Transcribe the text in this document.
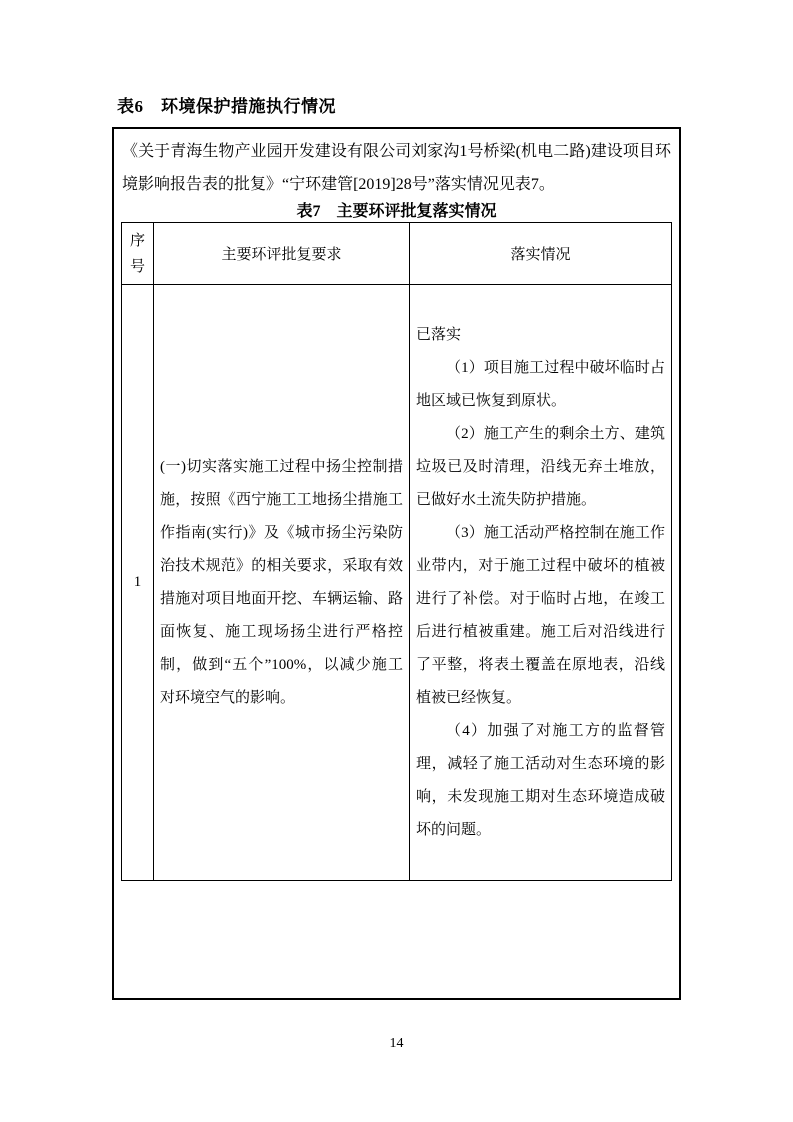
表6　环境保护措施执行情况

《关于青海生物产业园开发建设有限公司刘家沟1号桥梁(机电二路)建设项目环境影响报告表的批复》“宁环建管[2019]28号”落实情况见表7。

表7　主要环评批复落实情况
序号	主要环评批复要求	落实情况
1	(一)切实落实施工过程中扬尘控制措施，按照《西宁施工工地扬尘措施工作指南(实行)》及《城市扬尘污染防治技术规范》的相关要求，采取有效措施对项目地面开挖、车辆运输、路面恢复、施工现场扬尘进行严格控制，做到“五个”100%，以减少施工对环境空气的影响。	已落实

（1）项目施工过程中破坏临时占地区域已恢复到原状。

（2）施工产生的剩余土方、建筑垃圾已及时清理，沿线无弃土堆放，已做好水土流失防护措施。

（3）施工活动严格控制在施工作业带内，对于施工过程中破坏的植被进行了补偿。对于临时占地，在竣工后进行植被重建。施工后对沿线进行了平整，将表土覆盖在原地表，沿线植被已经恢复。

（4）加强了对施工方的监督管理，减轻了施工活动对生态环境的影响，未发现施工期对生态环境造成破坏的问题。

14
